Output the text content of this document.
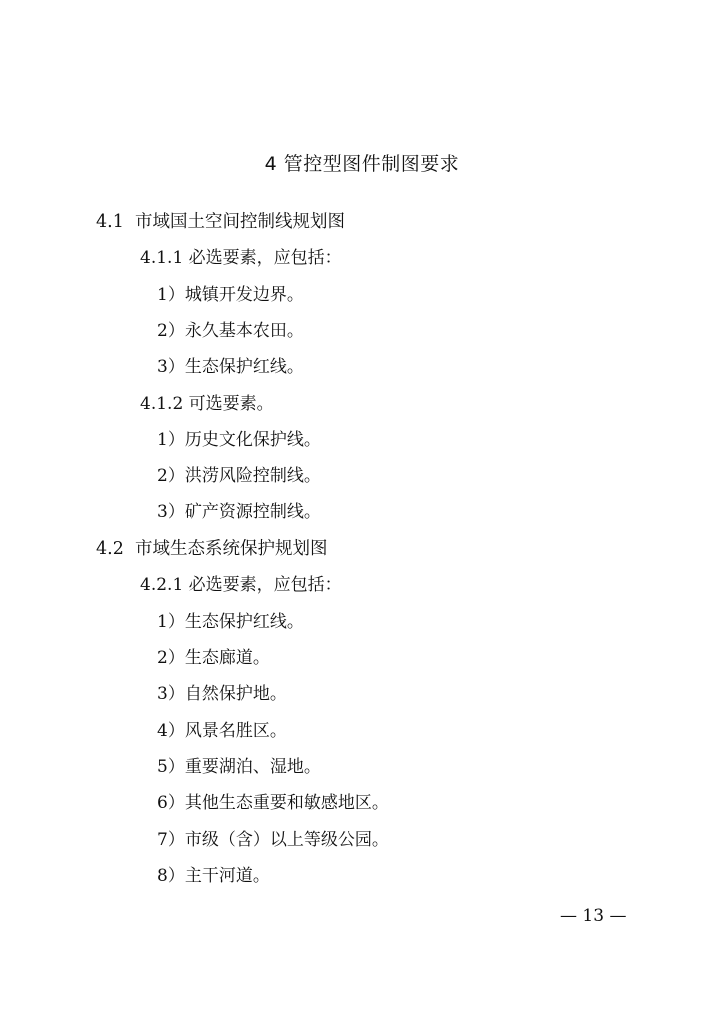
4 管控型图件制图要求
4.1 市域国土空间控制线规划图
4.1.1 必选要素，应包括：
1）城镇开发边界。
2）永久基本农田。
3）生态保护红线。
4.1.2 可选要素。
1）历史文化保护线。
2）洪涝风险控制线。
3）矿产资源控制线。
4.2 市域生态系统保护规划图
4.2.1 必选要素，应包括：
1）生态保护红线。
2）生态廊道。
3）自然保护地。
4）风景名胜区。
5）重要湖泊、湿地。
6）其他生态重要和敏感地区。
7）市级（含）以上等级公园。
8）主干河道。
— 13 —
